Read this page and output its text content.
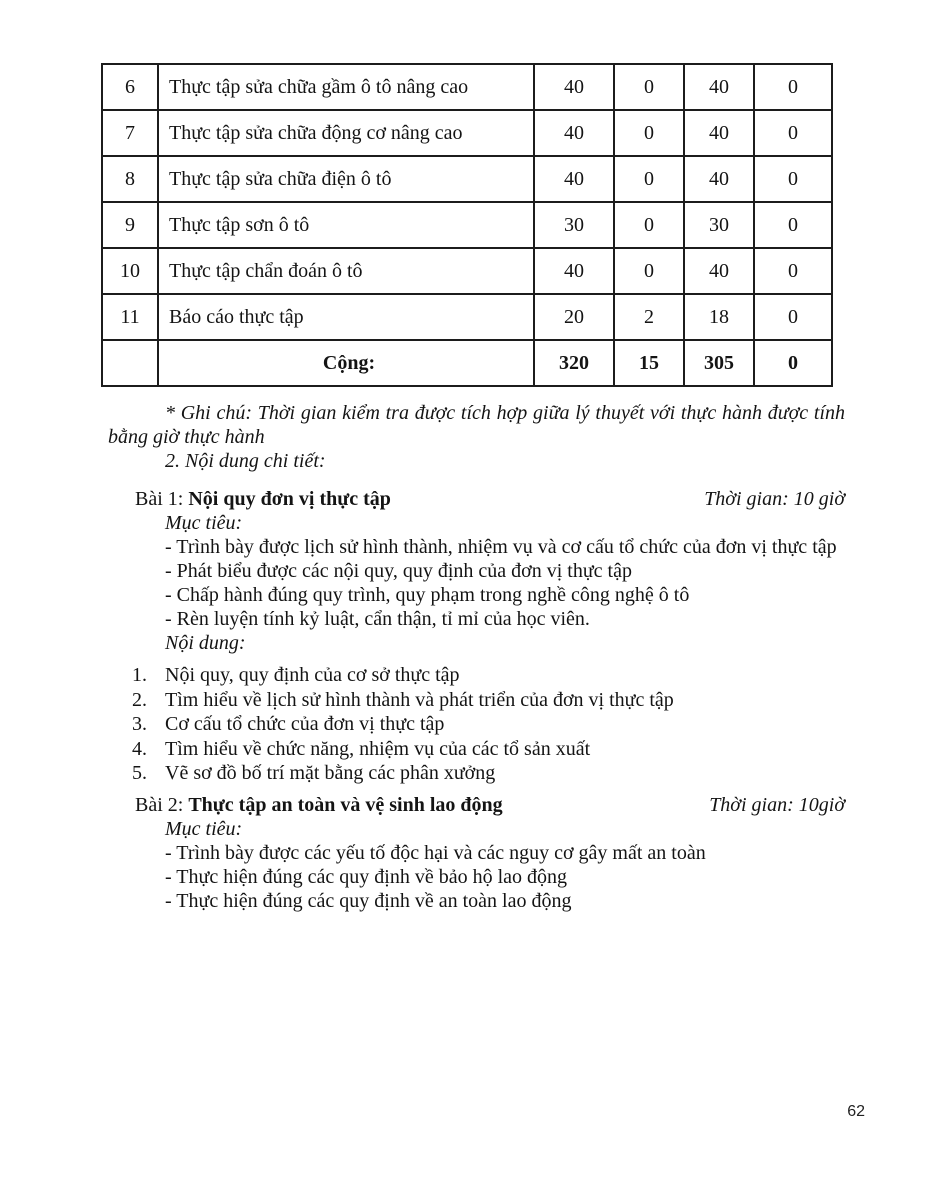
6	Thực tập sửa chữa gầm ô tô nâng cao	40	0	40	0
7	Thực tập sửa chữa động cơ nâng cao	40	0	40	0
8	Thực tập sửa chữa điện ô tô	40	0	40	0
9	Thực tập sơn ô tô	30	0	30	0
10	Thực tập chẩn đoán ô tô	40	0	40	0
11	Báo cáo thực tập	20	2	18	0
	Cộng:	320	15	305	0

* Ghi chú: Thời gian kiểm tra được tích hợp giữa lý thuyết với thực hành được tính bằng giờ thực hành

2. Nội dung chi tiết:

Bài 1: Nội quy đơn vị thực tập	Thời gian: 10 giờ

Mục tiêu:

- Trình bày được lịch sử hình thành, nhiệm vụ và cơ cấu tổ chức của đơn vị thực tập

- Phát biểu được các nội quy, quy định của đơn vị thực tập

- Chấp hành đúng quy trình, quy phạm trong nghề công nghệ ô tô

- Rèn luyện tính kỷ luật, cẩn thận, tỉ mỉ của học viên.

Nội dung:

1. Nội quy, quy định của cơ sở thực tập
2. Tìm hiểu về lịch sử hình thành và phát triển của đơn vị thực tập
3. Cơ cấu tổ chức của đơn vị thực tập
4. Tìm hiểu về chức năng, nhiệm vụ của các tổ sản xuất
5. Vẽ sơ đồ bố trí mặt bằng các phân xưởng
Bài 2: Thực tập an toàn và vệ sinh lao động	Thời gian: 10giờ

Mục tiêu:

- Trình bày được các yếu tố độc hại và các nguy cơ gây mất an toàn

- Thực hiện đúng các quy định về bảo hộ lao động

- Thực hiện đúng các quy định về an toàn lao động

62
